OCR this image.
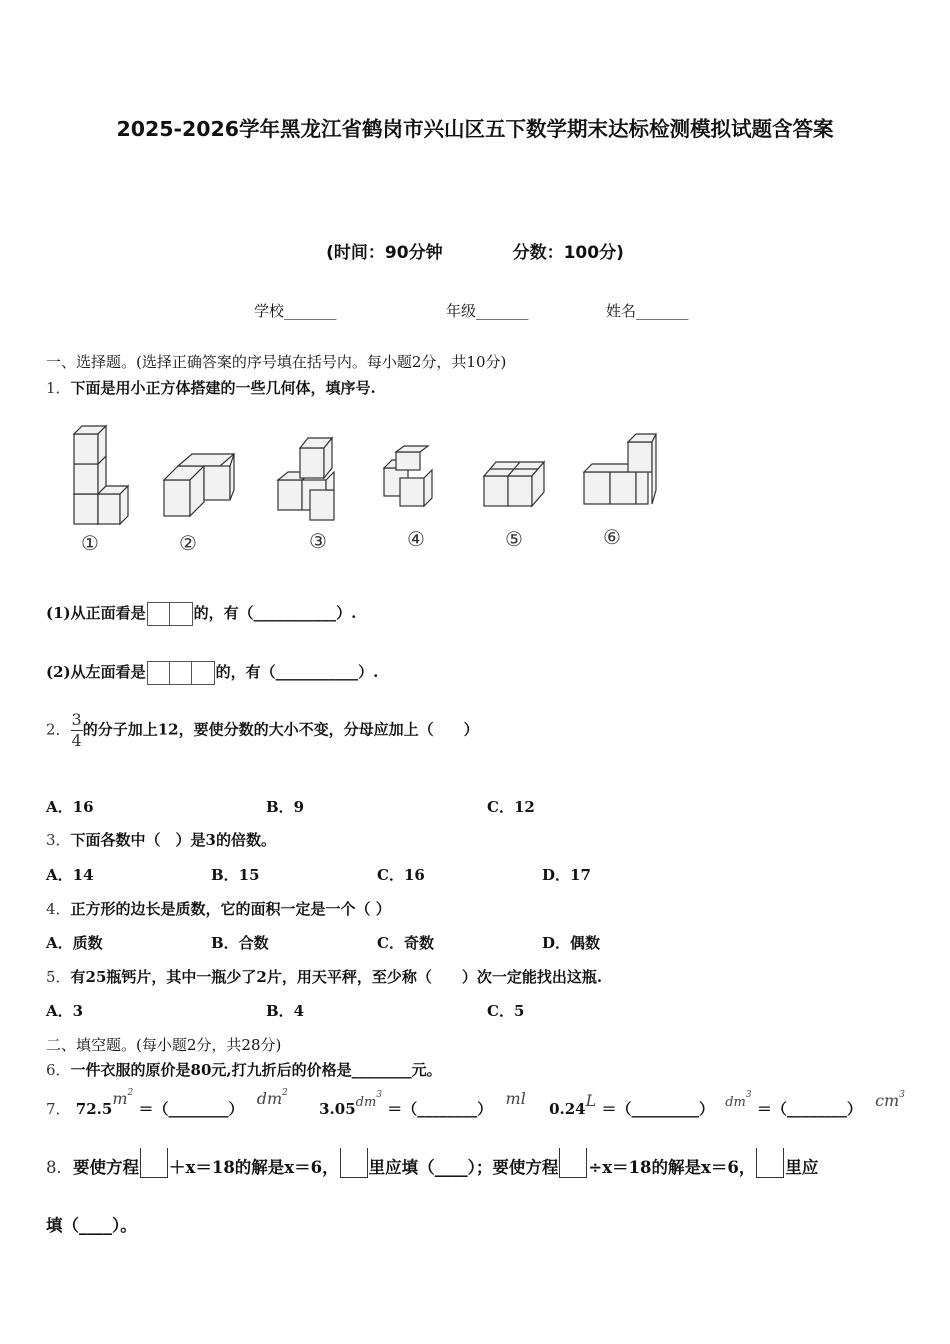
2025-2026学年黑龙江省鹤岗市兴山区五下数学期末达标检测模拟试题含答案
(时间：90分钟	分数：100分)
学校_______	年级_______	姓名_______
一、选择题。(选择正确答案的序号填在括号内。每小题2分，共10分)
1．下面是用小正方体搭建的一些几何体，填序号.
①	②	③	④	⑤	⑥
(1)从正面看是	的，有（___________）.
(2)从左面看是	的，有（___________）.
2． $\frac{3}{4}$ 的分子加上12，要使分数的大小不变，分母应加上（　　）
A．16	B．9	C．12
3．下面各数中（　）是3的倍数。
A．14	B．15	C．16	D．17
4．正方形的边长是质数，它的面积一定是一个（ ）
A．质数	B．合数	C．奇数	D．偶数
5．有25瓶钙片，其中一瓶少了2片，用天平秤，至少称（　　）次一定能找出这瓶.
A．3	B．4	C．5
二、填空题。(每小题2分，共28分)
6．一件衣服的原价是80元,打九折后的价格是________元。
7． $72.5m^2$ ＝（________） $dm^2$ $3.05dm^3$ ＝（________） ml 0.24L ＝（_________） $dm^3$ ＝（________） $cm^3$
8．要使方程 ＋x＝18的解是x＝6， 里应填（____）；要使方程 ÷x＝18的解是x＝6， 里应
填（____）。
